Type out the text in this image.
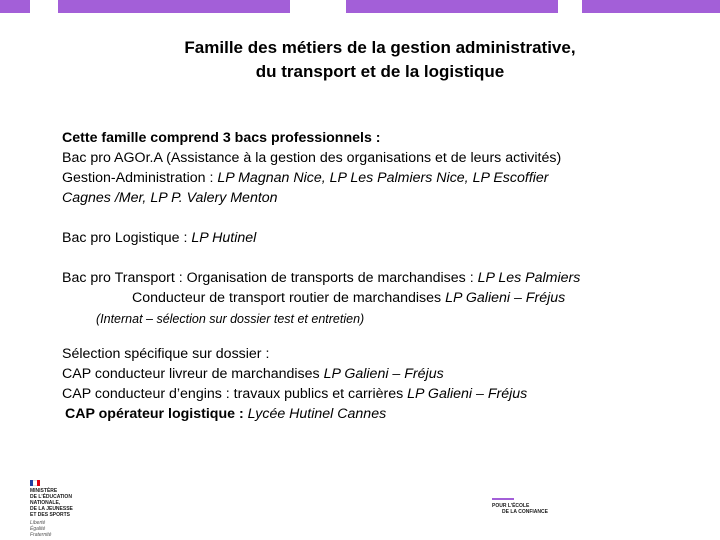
Famille des métiers de la gestion administrative,
du transport et de la logistique
Cette famille comprend 3 bacs professionnels :
Bac pro AGOr.A (Assistance à la gestion des organisations et de leurs activités)
Gestion-Administration : LP Magnan Nice, LP Les Palmiers Nice, LP Escoffier
Cagnes /Mer, LP P. Valery Menton
Bac pro Logistique : LP Hutinel
Bac pro Transport : Organisation de transports de marchandises : LP Les Palmiers
Conducteur de transport routier de marchandises LP Galieni – Fréjus
(Internat – sélection sur dossier test et entretien)
Sélection spécifique sur dossier :
CAP conducteur livreur de marchandises LP Galieni – Fréjus
CAP conducteur d’engins : travaux publics et carrières LP Galieni – Fréjus
CAP opérateur logistique : Lycée Hutinel Cannes
MINISTÈRE
DE L'ÉDUCATION
NATIONALE,
DE LA JEUNESSE
ET DES SPORTS
Liberté
Égalité
Fraternité
POUR L'ÉCOLE
DE LA CONFIANCE
